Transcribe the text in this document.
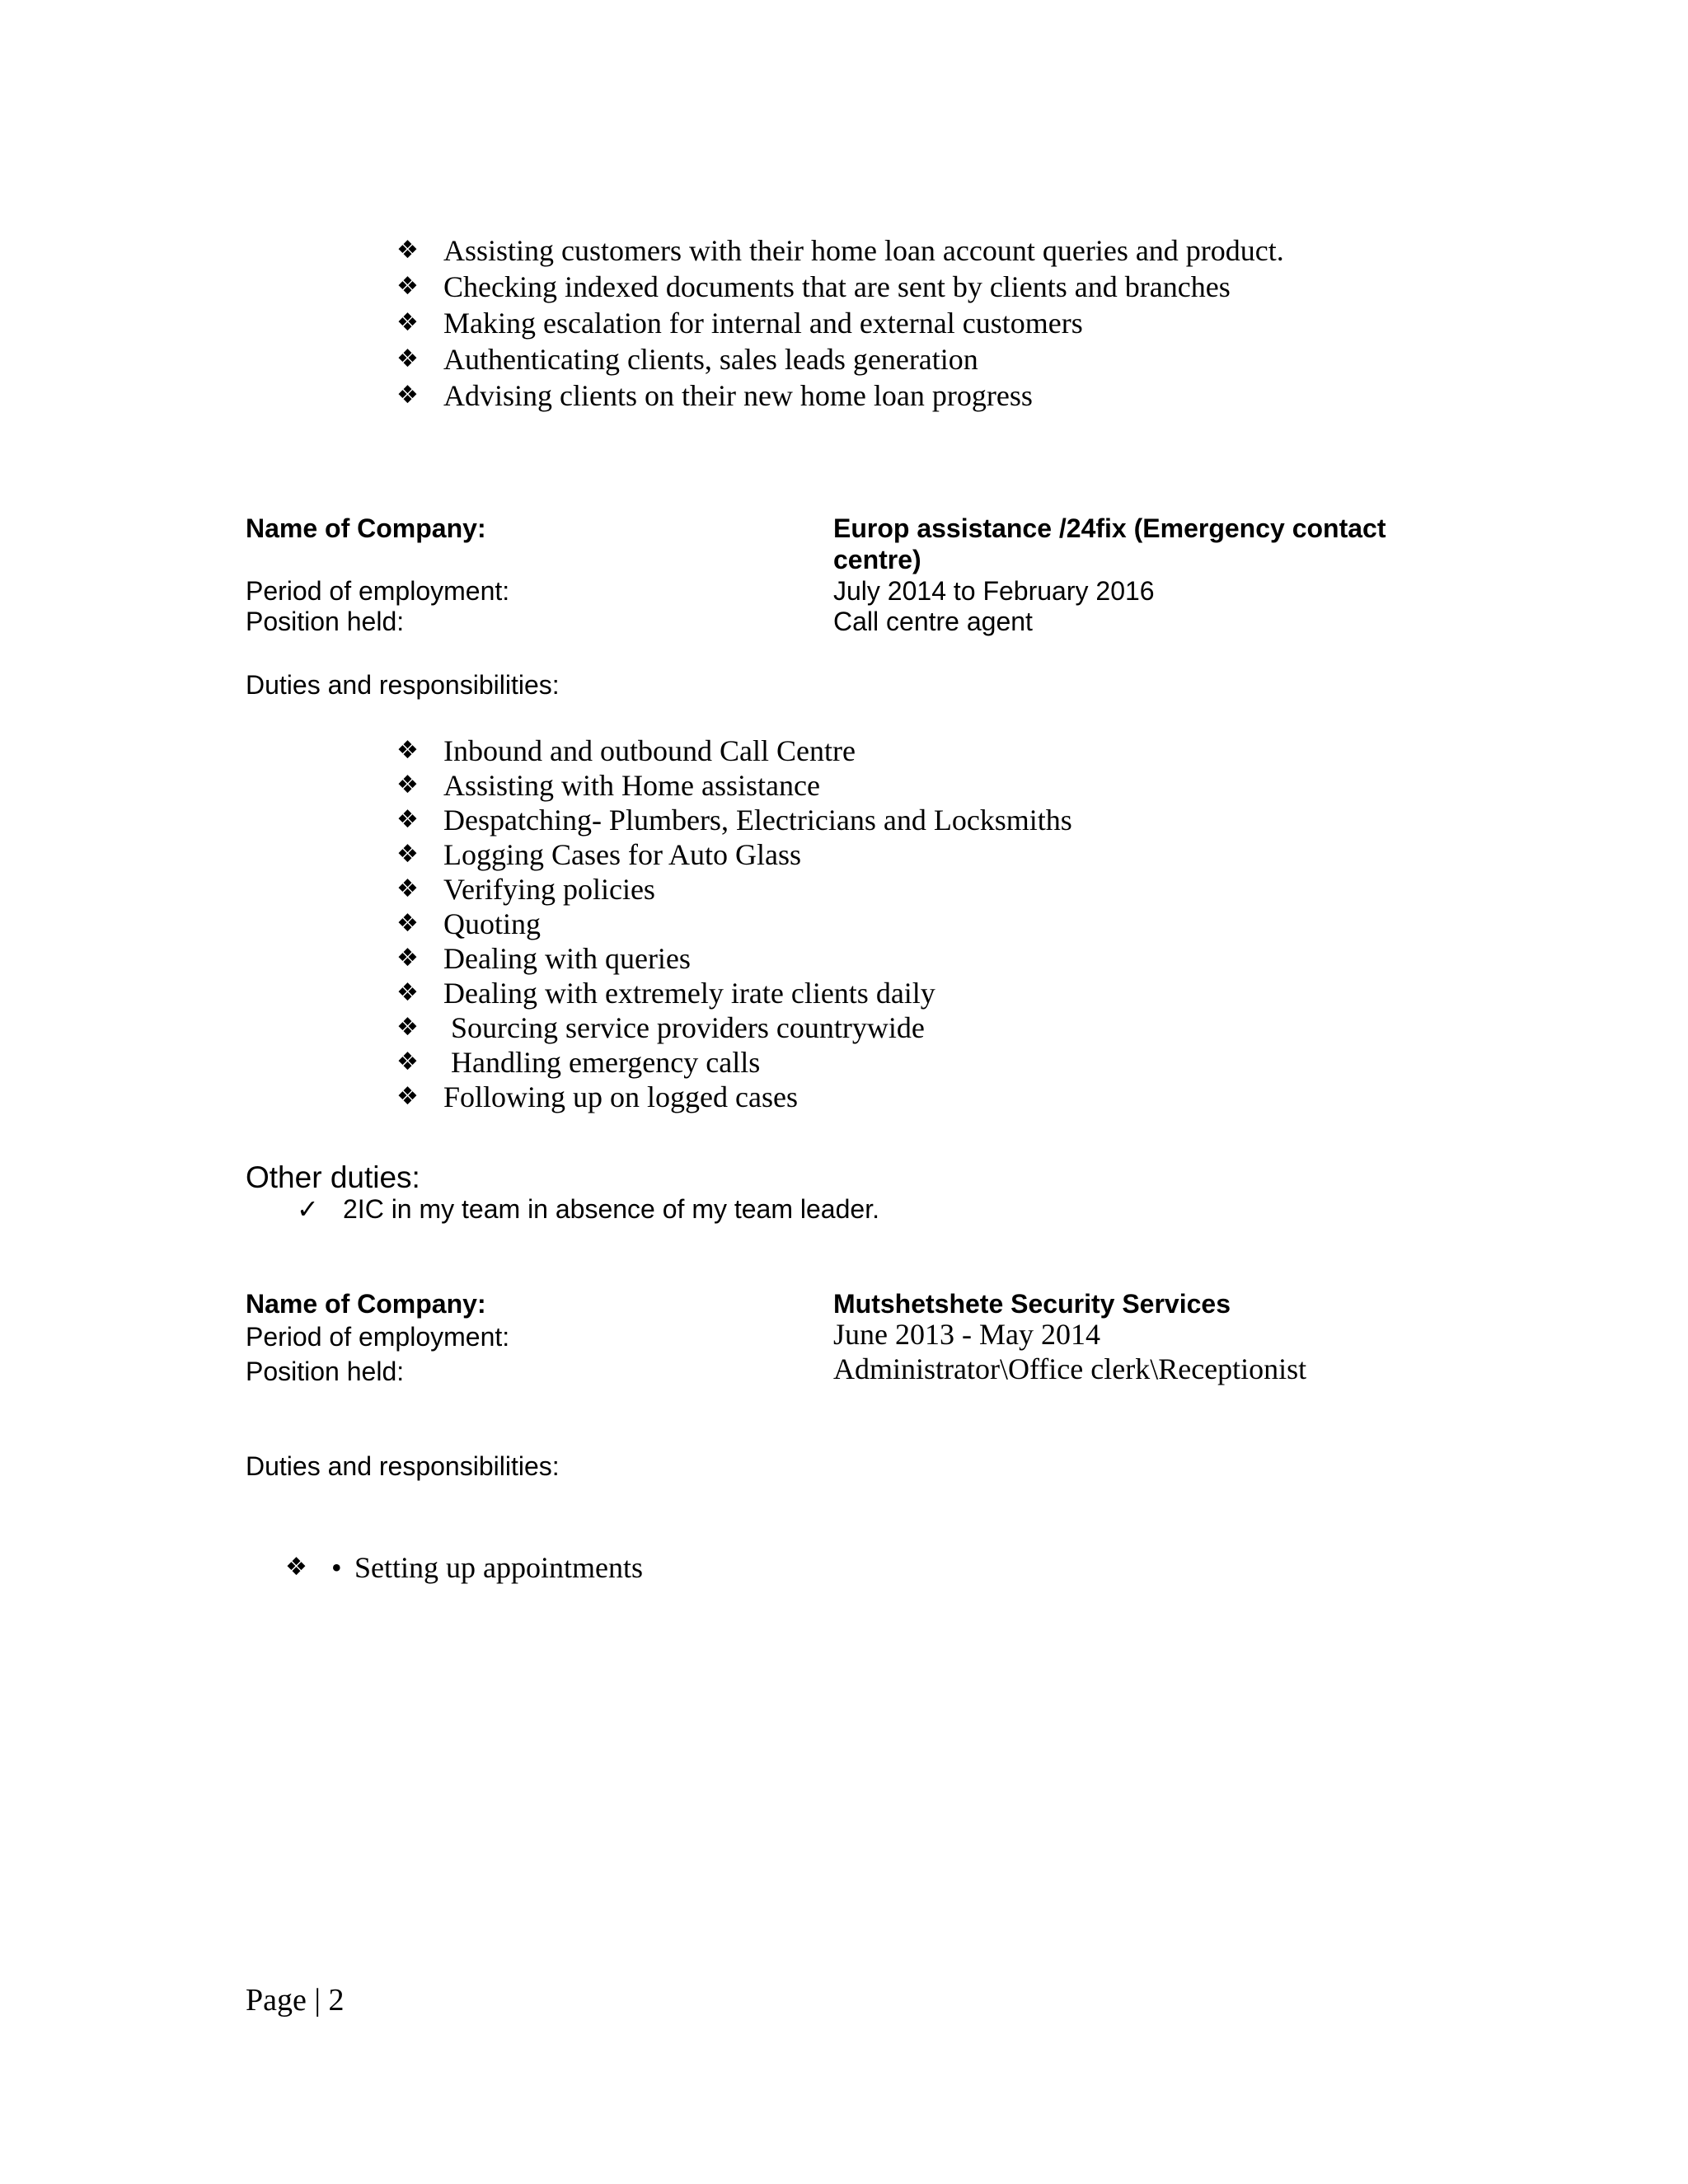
❖ Assisting customers with their home loan account queries and product.
❖ Checking indexed documents that are sent by clients and branches
❖ Making escalation for internal and external customers
❖ Authenticating clients, sales leads generation
❖ Advising clients on their new home loan progress
Name of Company:	Europ assistance /24fix (Emergency contact
centre)
Period of employment:	July 2014 to February 2016
Position held:	Call centre agent
Duties and responsibilities:
❖ Inbound and outbound Call Centre
❖ Assisting with Home assistance
❖ Despatching- Plumbers, Electricians and Locksmiths
❖ Logging Cases for Auto Glass
❖ Verifying policies
❖ Quoting
❖ Dealing with queries
❖ Dealing with extremely irate clients daily
❖ Sourcing service providers countrywide
❖ Handling emergency calls
❖ Following up on logged cases
Other duties:
✓ 2IC in my team in absence of my team leader.
Name of Company:	Mutshetshete Security Services
Period of employment:	June 2013 - May 2014
Position held:	Administrator\Office clerk\Receptionist
Duties and responsibilities:
❖ • Setting up appointments
Page | 2
